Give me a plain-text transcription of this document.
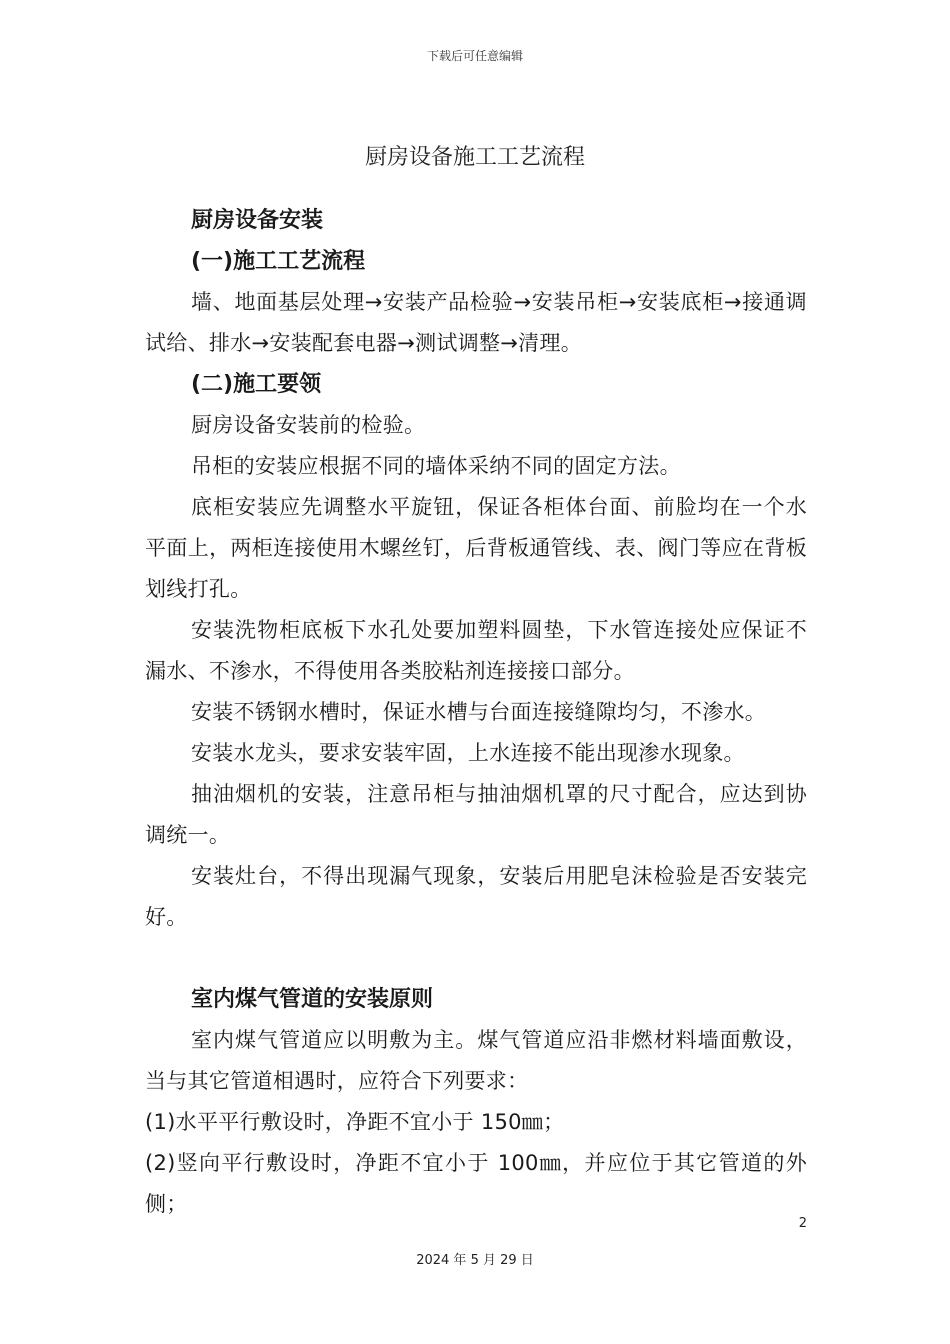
下载后可任意编辑
厨房设备施工工艺流程

厨房设备安装

(一)施工工艺流程

墙、地面基层处理→安装产品检验→安装吊柜→安装底柜→接通调试给、排水→安装配套电器→测试调整→清理。

(二)施工要领

厨房设备安装前的检验。

吊柜的安装应根据不同的墙体采纳不同的固定方法。

底柜安装应先调整水平旋钮，保证各柜体台面、前脸均在一个水平面上，两柜连接使用木螺丝钉，后背板通管线、表、阀门等应在背板划线打孔。

安装洗物柜底板下水孔处要加塑料圆垫，下水管连接处应保证不漏水、不渗水，不得使用各类胶粘剂连接接口部分。

安装不锈钢水槽时，保证水槽与台面连接缝隙均匀，不渗水。

安装水龙头，要求安装牢固，上水连接不能出现渗水现象。

抽油烟机的安装，注意吊柜与抽油烟机罩的尺寸配合，应达到协调统一。

安装灶台，不得出现漏气现象，安装后用肥皂沫检验是否安装完好。

室内煤气管道的安装原则

室内煤气管道应以明敷为主。煤气管道应沿非燃材料墙面敷设，当与其它管道相遇时，应符合下列要求：

(1)水平平行敷设时，净距不宜小于 150㎜；

(2)竖向平行敷设时，净距不宜小于 100㎜，并应位于其它管道的外侧；

2
2024 年 5 月 29 日
